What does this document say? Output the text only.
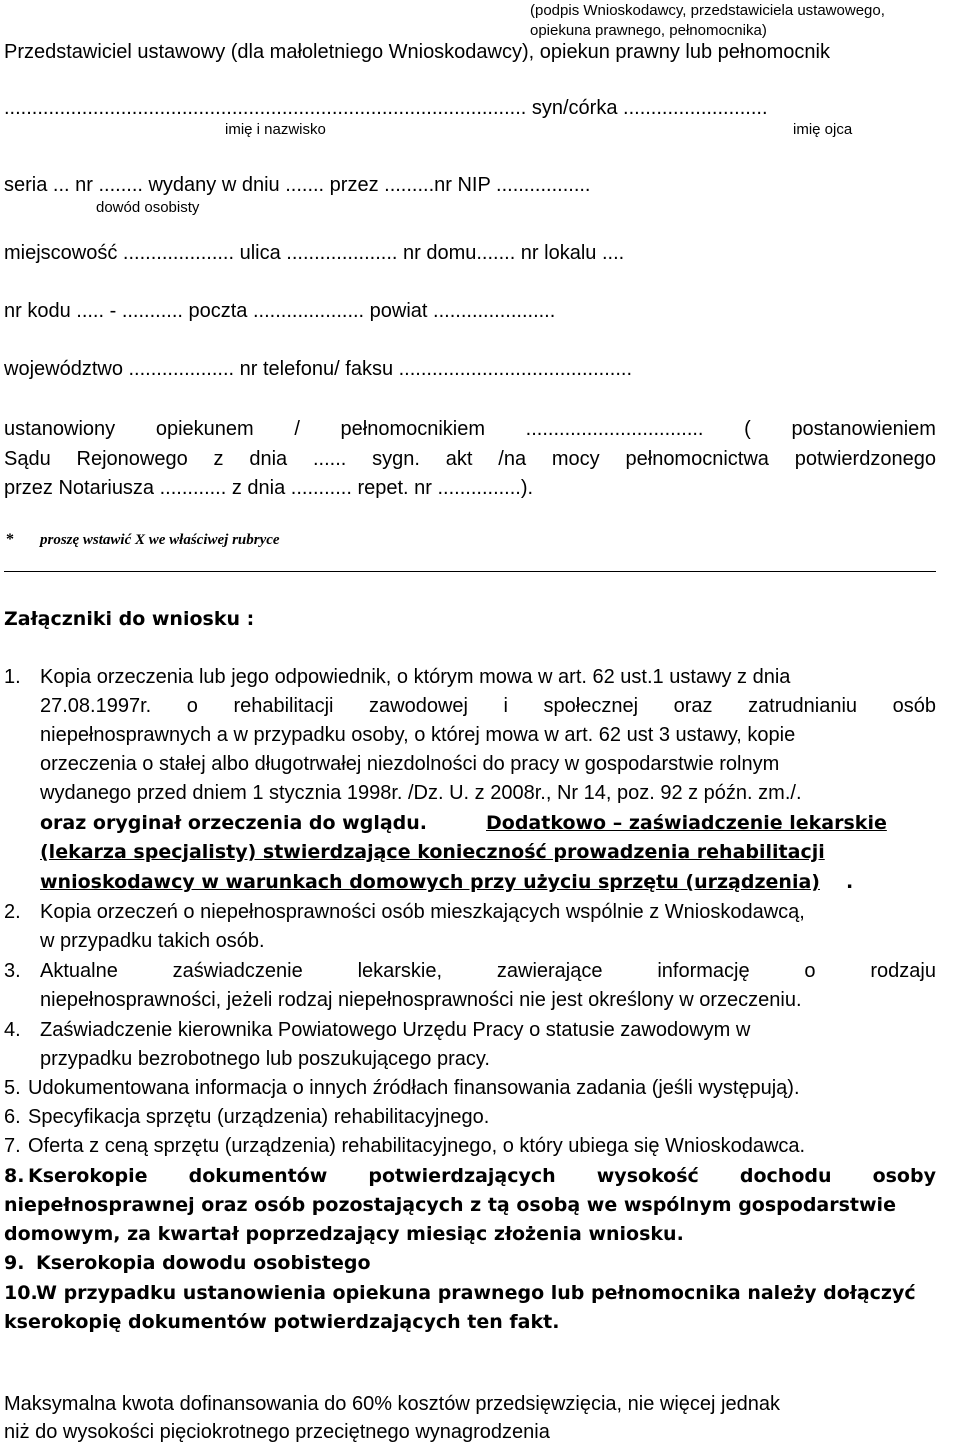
(podpis Wnioskodawcy, przedstawiciela ustawowego,
opiekuna prawnego, pełnomocnika)
Przedstawiciel ustawowy (dla małoletniego Wnioskodawcy), opiekun prawny lub pełnomocnik
.............................................................................................. syn/córka ..........................
imię i nazwisko	imię ojca
seria ... nr ........ wydany w dniu ....... przez .........nr NIP .................
dowód osobisty
miejscowość .................... ulica .................... nr domu....... nr lokalu ....
nr kodu ..... - ........... poczta .................... powiat ......................
województwo ................... nr telefonu/ faksu ..........................................
ustanowiony opiekunem / pełnomocnikiem ................................ ( postanowieniem
Sądu Rejonowego z dnia ...... sygn. akt /na mocy pełnomocnictwa potwierdzonego
przez Notariusza ............ z dnia ........... repet. nr ...............).
* proszę wstawić X we właściwej rubryce
Załączniki do wniosku :
1. Kopia orzeczenia lub jego odpowiednik, o którym mowa w art. 62 ust.1 ustawy z dnia
27.08.1997r. o rehabilitacji zawodowej i społecznej oraz zatrudnianiu osób
niepełnosprawnych a w przypadku osoby, o której mowa w art. 62 ust 3 ustawy, kopie
orzeczenia o stałej albo długotrwałej niezdolności do pracy w gospodarstwie rolnym
wydanego przed dniem 1 stycznia 1998r. /Dz. U. z 2008r., Nr 14, poz. 92 z późn. zm./.
oraz oryginał orzeczenia do wglądu.	Dodatkowo – zaświadczenie lekarskie
(lekarza specjalisty) stwierdzające konieczność prowadzenia rehabilitacji
wnioskodawcy w warunkach domowych przy użyciu sprzętu (urządzenia) .
2. Kopia orzeczeń o niepełnosprawności osób mieszkających wspólnie z Wnioskodawcą,
w przypadku takich osób.
3. Aktualne	zaświadczenie	lekarskie,	zawierające	informację	o	rodzaju
niepełnosprawności, jeżeli rodzaj niepełnosprawności nie jest określony w orzeczeniu.
4. Zaświadczenie kierownika Powiatowego Urzędu Pracy o statusie zawodowym w
przypadku bezrobotnego lub poszukującego pracy.
5. Udokumentowana informacja o innych źródłach finansowania zadania (jeśli występują).
6. Specyfikacja sprzętu (urządzenia) rehabilitacyjnego.
7. Oferta z ceną sprzętu (urządzenia) rehabilitacyjnego, o który ubiega się Wnioskodawca.
8. Kserokopie dokumentów potwierdzających wysokość dochodu osoby
niepełnosprawnej oraz osób pozostających z tą osobą we wspólnym gospodarstwie
domowym, za kwartał poprzedzający miesiąc złożenia wniosku.
9. Kserokopia dowodu osobistego
10.
W przypadku ustanowienia opiekuna prawnego lub pełnomocnika należy dołączyć
kserokopię dokumentów potwierdzających ten fakt.
Maksymalna kwota dofinansowania do 60% kosztów przedsięwzięcia, nie więcej jednak
niż do wysokości pięciokrotnego przeciętnego wynagrodzenia
